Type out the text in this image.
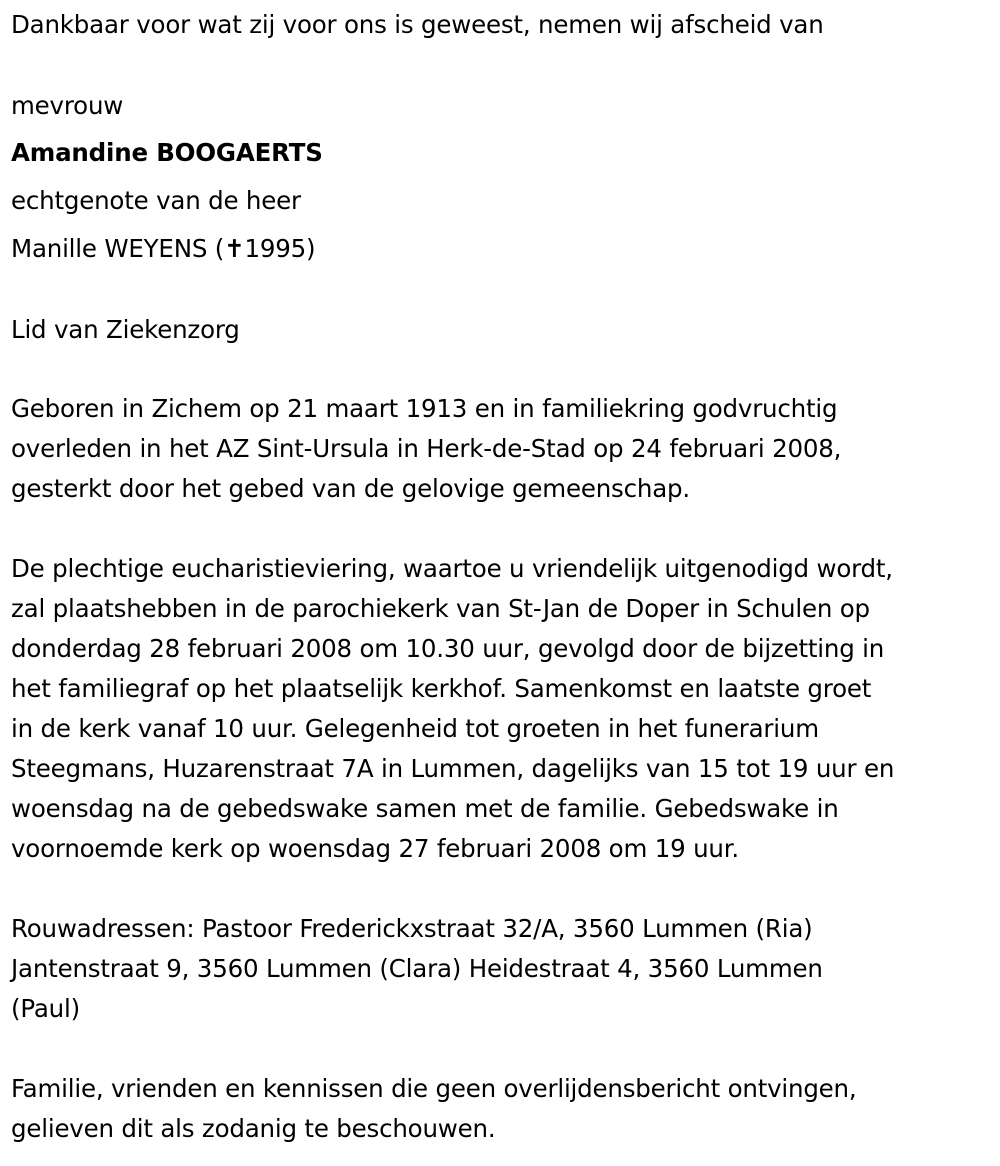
Dankbaar voor wat zij voor ons is geweest, nemen wij afscheid van
mevrouw
Amandine BOOGAERTS
echtgenote van de heer
Manille WEYENS (✝1995)
Lid van Ziekenzorg
Geboren in Zichem op 21 maart 1913 en in familiekring godvruchtig
overleden in het AZ Sint-Ursula in Herk-de-Stad op 24 februari 2008,
gesterkt door het gebed van de gelovige gemeenschap.
De plechtige eucharistieviering, waartoe u vriendelijk uitgenodigd wordt,
zal plaatshebben in de parochiekerk van St-Jan de Doper in Schulen op
donderdag 28 februari 2008 om 10.30 uur, gevolgd door de bijzetting in
het familiegraf op het plaatselijk kerkhof. Samenkomst en laatste groet
in de kerk vanaf 10 uur. Gelegenheid tot groeten in het funerarium
Steegmans, Huzarenstraat 7A in Lummen, dagelijks van 15 tot 19 uur en
woensdag na de gebedswake samen met de familie. Gebedswake in
voornoemde kerk op woensdag 27 februari 2008 om 19 uur.
Rouwadressen: Pastoor Frederickxstraat 32/A, 3560 Lummen (Ria)
Jantenstraat 9, 3560 Lummen (Clara) Heidestraat 4, 3560 Lummen
(Paul)
Familie, vrienden en kennissen die geen overlijdensbericht ontvingen,
gelieven dit als zodanig te beschouwen.
